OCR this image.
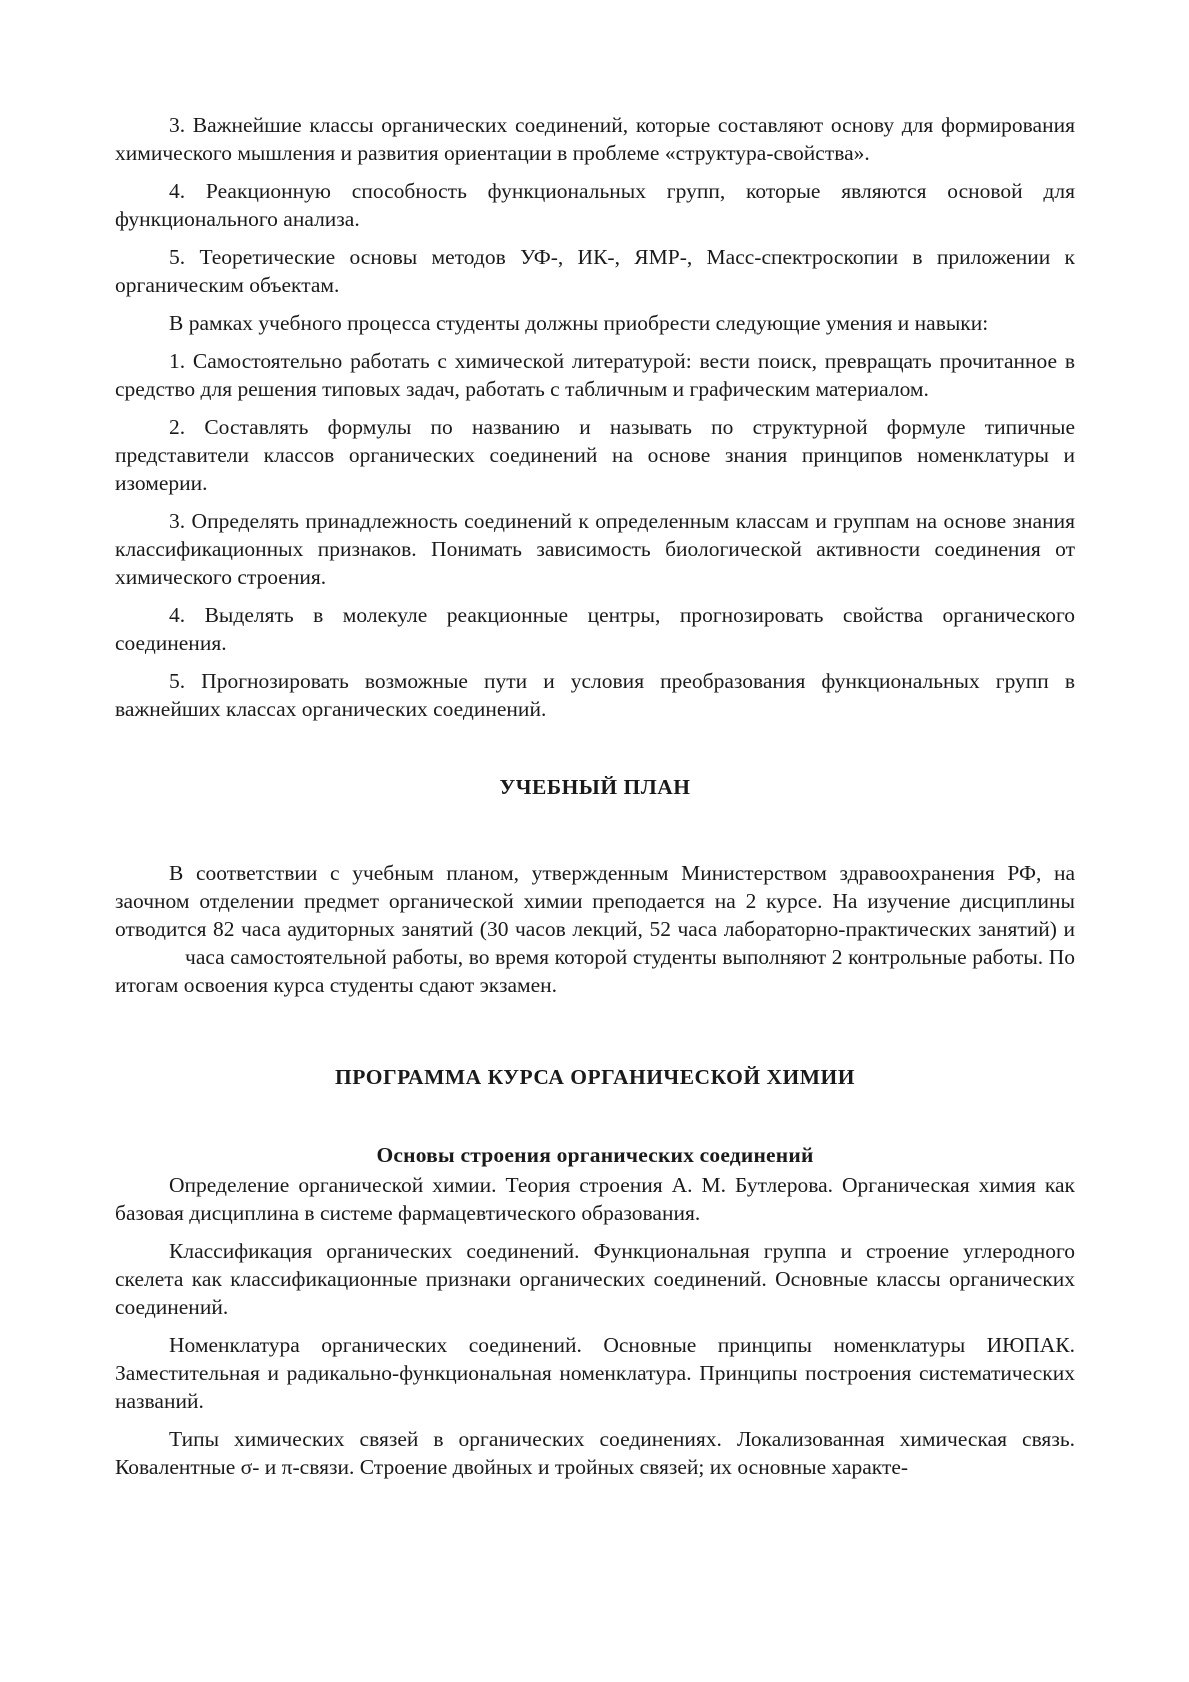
3. Важнейшие классы органических соединений, которые составляют основу для формирования химического мышления и развития ориентации в проблеме «структура-свойства».

4. Реакционную способность функциональных групп, которые являются основой для функционального анализа.

5. Теоретические основы методов УФ-, ИК-, ЯМР-, Масс-спектроскопии в приложении к органическим объектам.

В рамках учебного процесса студенты должны приобрести следующие умения и навыки:

1. Самостоятельно работать с химической литературой: вести поиск, превращать прочитанное в средство для решения типовых задач, работать с табличным и графическим материалом.

2. Составлять формулы по названию и называть по структурной формуле типичные представители классов органических соединений на основе знания принципов номенклатуры и изомерии.

3. Определять принадлежность соединений к определенным классам и группам на основе знания классификационных признаков. Понимать зависимость биологической активности соединения от химического строения.

4. Выделять в молекуле реакционные центры, прогнозировать свойства органического соединения.

5. Прогнозировать возможные пути и условия преобразования функциональных групп в важнейших классах органических соединений.

УЧЕБНЫЙ ПЛАН

В соответствии с учебным планом, утвержденным Министерством здравоохранения РФ, на заочном отделении предмет органической химии преподается на 2 курсе. На изучение дисциплины отводится 82 часа аудиторных занятий (30 часов лекций, 52 часа лабораторно-практических занятий) ичаса самостоятельной работы, во время которой студенты выполняют 2 контрольные работы. По итогам освоения курса студенты сдают экзамен.

ПРОГРАММА КУРСА ОРГАНИЧЕСКОЙ ХИМИИ

Основы строения органических соединений

Определение органической химии. Теория строения А. М. Бутлерова. Органическая химия как базовая дисциплина в системе фармацевтического образования.

Классификация органических соединений. Функциональная группа и строение углеродного скелета как классификационные признаки органических соединений. Основные классы органических соединений.

Номенклатура органических соединений. Основные принципы номенклатуры ИЮПАК. Заместительная и радикально-функциональная номенклатура. Принципы построения систематических названий.

Типы химических связей в органических соединениях. Локализованная химическая связь. Ковалентные σ- и π-связи. Строение двойных и тройных связей; их основные характе-
